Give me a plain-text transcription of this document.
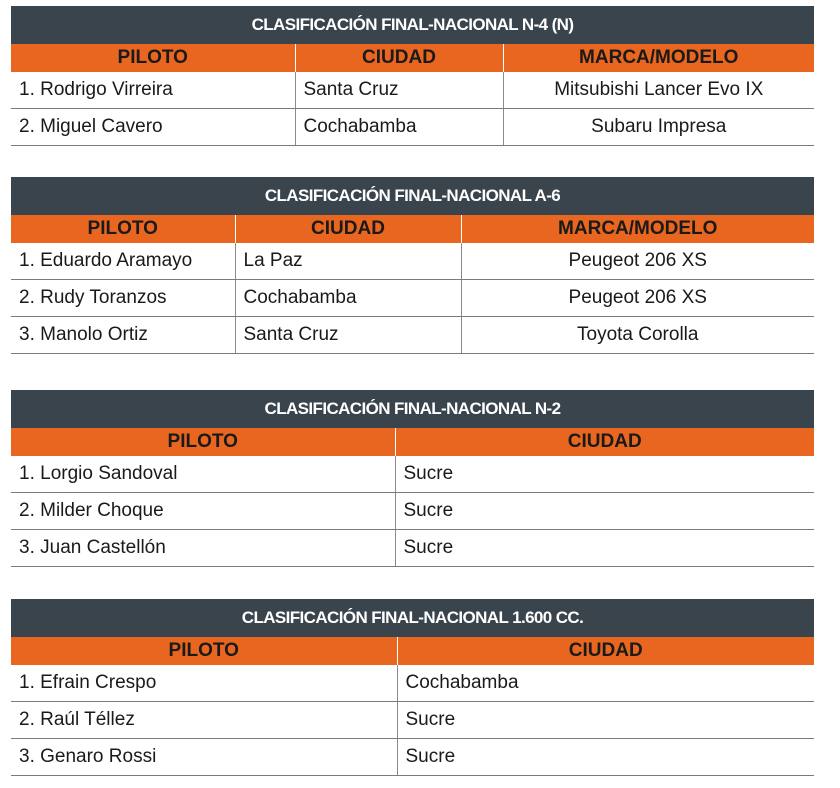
CLASIFICACIÓN FINAL-NACIONAL N-4 (N)
PILOTO	CIUDAD	MARCA/MODELO
1. Rodrigo Virreira	Santa Cruz	Mitsubishi Lancer Evo IX
2. Miguel Cavero	Cochabamba	Subaru Impresa
CLASIFICACIÓN FINAL-NACIONAL A-6
PILOTO	CIUDAD	MARCA/MODELO
1. Eduardo Aramayo	La Paz	Peugeot 206 XS
2. Rudy Toranzos	Cochabamba	Peugeot 206 XS
3. Manolo Ortiz	Santa Cruz	Toyota Corolla
CLASIFICACIÓN FINAL-NACIONAL N-2
PILOTO	CIUDAD
1. Lorgio Sandoval	Sucre
2. Milder Choque	Sucre
3. Juan Castellón	Sucre
CLASIFICACIÓN FINAL-NACIONAL 1.600 CC.
PILOTO	CIUDAD
1. Efrain Crespo	Cochabamba
2. Raúl Téllez	Sucre
3. Genaro Rossi	Sucre
